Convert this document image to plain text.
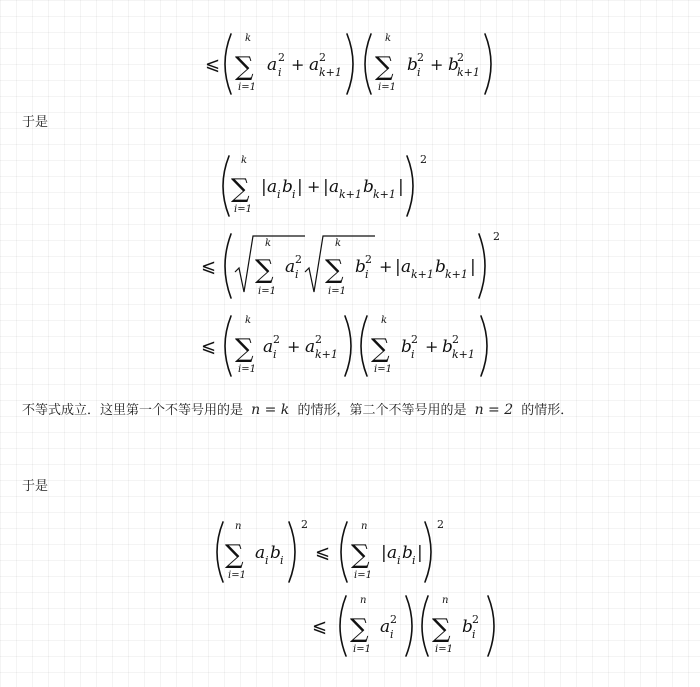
⩽ ∑
k
i=1
a i
2 + a k+1
2 ∑
k
i=1
b i
2 + b
k+1
2
于是
∑
k
i=1
| a i b i | + | a k+1 b k+1 |
2
⩽ ∑
k
i=1
a i
2 ∑
k
i=1
b i
2 + | a k+1 b k+1 |
2
⩽ ∑
k
i=1
a i
2 + a k+1
2 ∑
k
i=1
b i
2 + b k+1
2
不等式成立．这里第一个不等号用的是 n = k 的情形，第二个不等号用的是 n = 2 的情形．
于是
∑
n
i=1
a i b i
2
⩽ ∑
n
i=1
| a i b i |
2
⩽ ∑
n
i=1
a i
2 ∑
n
i=1
b i
2
